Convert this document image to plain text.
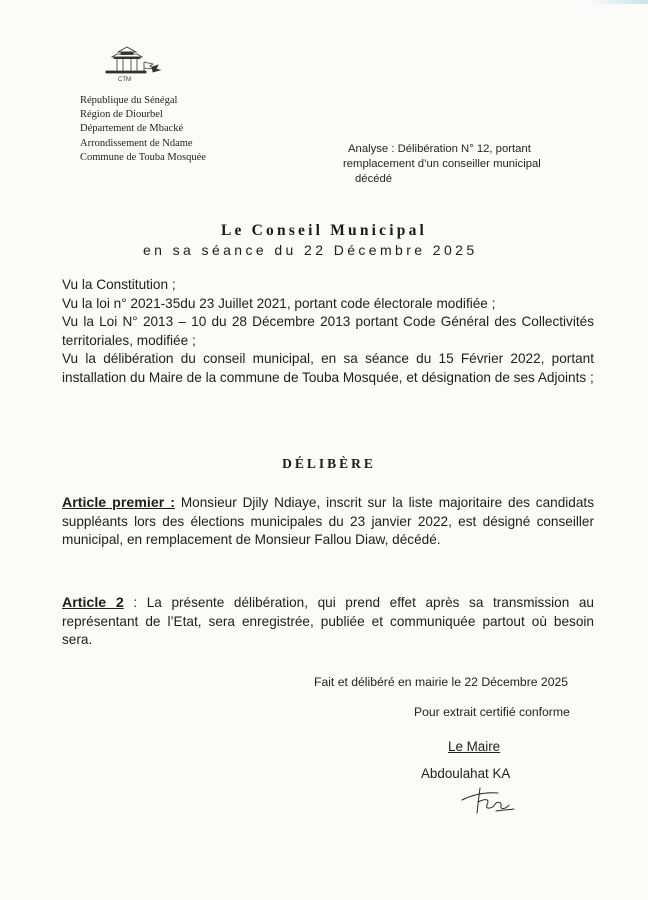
CTM
République du Sénégal
Région de Diourbel
Département de Mbacké
Arrondissement de Ndame
Commune de Touba Mosquée
Analyse : Délibération N° 12, portant
remplacement d’un conseiller municipal
décédé
Le Conseil Municipal
en sa séance du 22 Décembre 2025

Vu la Constitution ;

Vu la loi n° 2021-35du 23 Juillet 2021, portant code électorale modifiée ;

Vu la Loi N° 2013 – 10 du 28 Décembre 2013 portant Code Général des Collectivités territoriales, modifiée ;

Vu la délibération du conseil municipal, en sa séance du 15 Février 2022, portant installation du Maire de la commune de Touba Mosquée, et désignation de ses Adjoints ;

DÉLIBÈRE
Article premier : Monsieur Djily Ndiaye, inscrit sur la liste majoritaire des candidats suppléants lors des élections municipales du 23 janvier 2022, est désigné conseiller municipal, en remplacement de Monsieur Fallou Diaw, décédé.
Article 2 : La présente délibération, qui prend effet après sa transmission au représentant de l’Etat, sera enregistrée, publiée et communiquée partout où besoin sera.
Fait et délibéré en mairie le 22 Décembre 2025
Pour extrait certifié conforme
Le Maire
Abdoulahat KA
